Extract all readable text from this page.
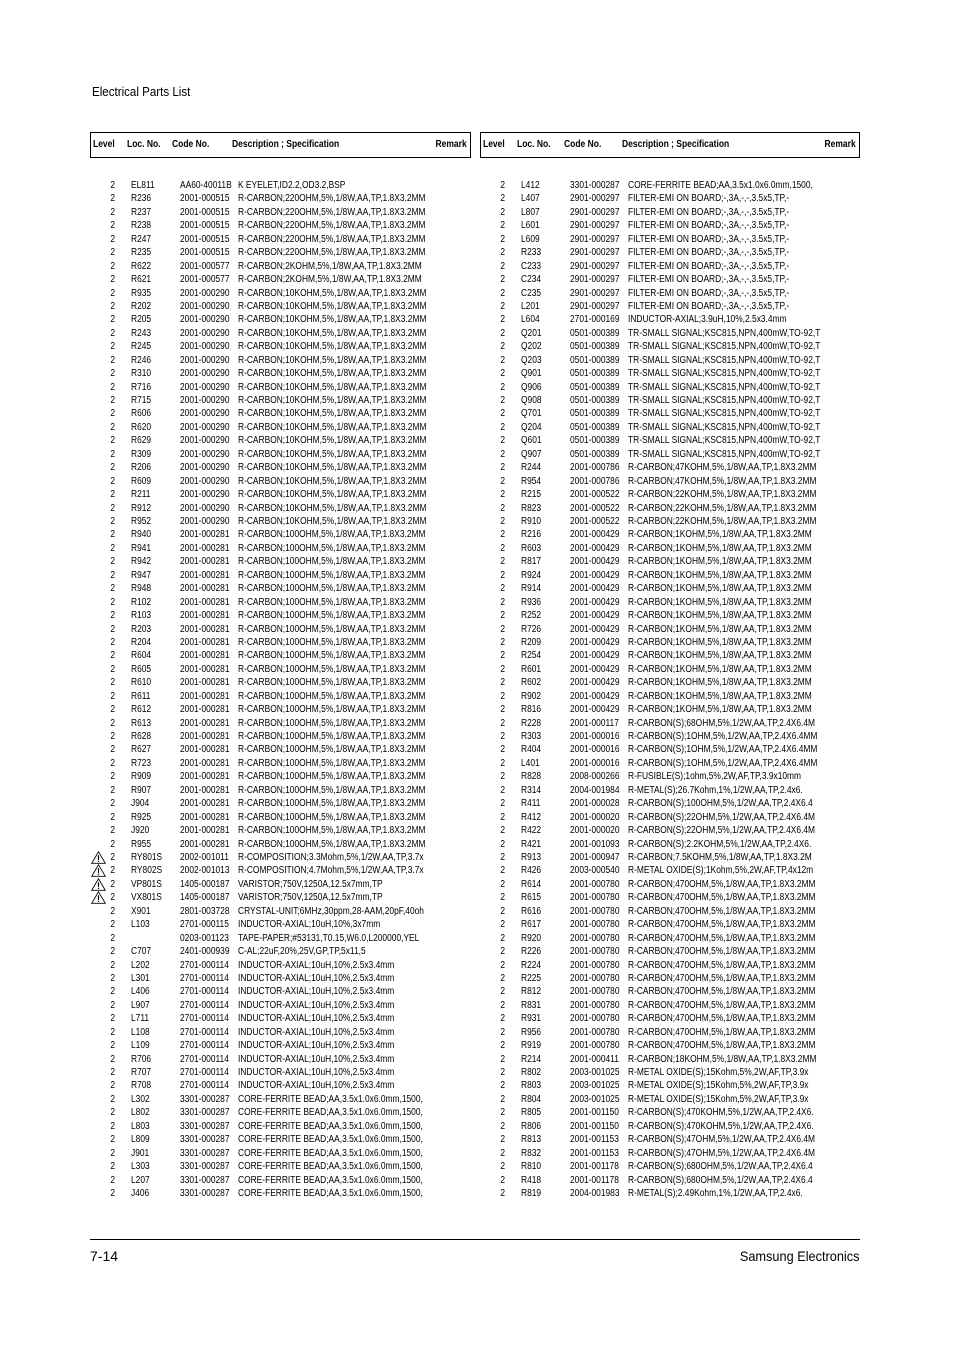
Electrical Parts List
Level Loc. No. Code No. Description ; Specification	Remark
2 EL811	AA60-40011B K EYELET,ID2.2,OD3.2,BSP
2 R236	2001-000515 R-CARBON;220OHM,5%,1/8W,AA,TP,1.8X3.2MM
2 R237	2001-000515 R-CARBON;220OHM,5%,1/8W,AA,TP,1.8X3.2MM
2 R238	2001-000515 R-CARBON;220OHM,5%,1/8W,AA,TP,1.8X3.2MM
2 R247	2001-000515 R-CARBON;220OHM,5%,1/8W,AA,TP,1.8X3.2MM
2 R235	2001-000515 R-CARBON;220OHM,5%,1/8W,AA,TP,1.8X3.2MM
2 R622	2001-000577 R-CARBON;2KOHM,5%,1/8W,AA,TP,1.8X3.2MM
2 R621	2001-000577 R-CARBON;2KOHM,5%,1/8W,AA,TP,1.8X3.2MM
2 R935	2001-000290 R-CARBON;10KOHM,5%,1/8W,AA,TP,1.8X3.2MM
2 R202	2001-000290 R-CARBON;10KOHM,5%,1/8W,AA,TP,1.8X3.2MM
2 R205	2001-000290 R-CARBON;10KOHM,5%,1/8W,AA,TP,1.8X3.2MM
2 R243	2001-000290 R-CARBON;10KOHM,5%,1/8W,AA,TP,1.8X3.2MM
2 R245	2001-000290 R-CARBON;10KOHM,5%,1/8W,AA,TP,1.8X3.2MM
2 R246	2001-000290 R-CARBON;10KOHM,5%,1/8W,AA,TP,1.8X3.2MM
2 R310	2001-000290 R-CARBON;10KOHM,5%,1/8W,AA,TP,1.8X3.2MM
2 R716	2001-000290 R-CARBON;10KOHM,5%,1/8W,AA,TP,1.8X3.2MM
2 R715	2001-000290 R-CARBON;10KOHM,5%,1/8W,AA,TP,1.8X3.2MM
2 R606	2001-000290 R-CARBON;10KOHM,5%,1/8W,AA,TP,1.8X3.2MM
2 R620	2001-000290 R-CARBON;10KOHM,5%,1/8W,AA,TP,1.8X3.2MM
2 R629	2001-000290 R-CARBON;10KOHM,5%,1/8W,AA,TP,1.8X3.2MM
2 R309	2001-000290 R-CARBON;10KOHM,5%,1/8W,AA,TP,1.8X3.2MM
2 R206	2001-000290 R-CARBON;10KOHM,5%,1/8W,AA,TP,1.8X3.2MM
2 R609	2001-000290 R-CARBON;10KOHM,5%,1/8W,AA,TP,1.8X3.2MM
2 R211	2001-000290 R-CARBON;10KOHM,5%,1/8W,AA,TP,1.8X3.2MM
2 R912	2001-000290 R-CARBON;10KOHM,5%,1/8W,AA,TP,1.8X3.2MM
2 R952	2001-000290 R-CARBON;10KOHM,5%,1/8W,AA,TP,1.8X3.2MM
2 R940	2001-000281 R-CARBON;100OHM,5%,1/8W,AA,TP,1.8X3.2MM
2 R941	2001-000281 R-CARBON;100OHM,5%,1/8W,AA,TP,1.8X3.2MM
2 R942	2001-000281 R-CARBON;100OHM,5%,1/8W,AA,TP,1.8X3.2MM
2 R947	2001-000281 R-CARBON;100OHM,5%,1/8W,AA,TP,1.8X3.2MM
2 R948	2001-000281 R-CARBON;100OHM,5%,1/8W,AA,TP,1.8X3.2MM
2 R102	2001-000281 R-CARBON;100OHM,5%,1/8W,AA,TP,1.8X3.2MM
2 R103	2001-000281 R-CARBON;100OHM,5%,1/8W,AA,TP,1.8X3.2MM
2 R203	2001-000281 R-CARBON;100OHM,5%,1/8W,AA,TP,1.8X3.2MM
2 R204	2001-000281 R-CARBON;100OHM,5%,1/8W,AA,TP,1.8X3.2MM
2 R604	2001-000281 R-CARBON;100OHM,5%,1/8W,AA,TP,1.8X3.2MM
2 R605	2001-000281 R-CARBON;100OHM,5%,1/8W,AA,TP,1.8X3.2MM
2 R610	2001-000281 R-CARBON;100OHM,5%,1/8W,AA,TP,1.8X3.2MM
2 R611	2001-000281 R-CARBON;100OHM,5%,1/8W,AA,TP,1.8X3.2MM
2 R612	2001-000281 R-CARBON;100OHM,5%,1/8W,AA,TP,1.8X3.2MM
2 R613	2001-000281 R-CARBON;100OHM,5%,1/8W,AA,TP,1.8X3.2MM
2 R628	2001-000281 R-CARBON;100OHM,5%,1/8W,AA,TP,1.8X3.2MM
2 R627	2001-000281 R-CARBON;100OHM,5%,1/8W,AA,TP,1.8X3.2MM
2 R723	2001-000281 R-CARBON;100OHM,5%,1/8W,AA,TP,1.8X3.2MM
2 R909	2001-000281 R-CARBON;100OHM,5%,1/8W,AA,TP,1.8X3.2MM
2 R907	2001-000281 R-CARBON;100OHM,5%,1/8W,AA,TP,1.8X3.2MM
2 J904	2001-000281 R-CARBON;100OHM,5%,1/8W,AA,TP,1.8X3.2MM
2 R925	2001-000281 R-CARBON;100OHM,5%,1/8W,AA,TP,1.8X3.2MM
2 J920	2001-000281 R-CARBON;100OHM,5%,1/8W,AA,TP,1.8X3.2MM
2 R955	2001-000281 R-CARBON;100OHM,5%,1/8W,AA,TP,1.8X3.2MM
2 RY801S 2002-001011 R-COMPOSITION;3.3Mohm,5%,1/2W,AA,TP,3.7x
2 RY802S 2002-001013 R-COMPOSITION;4.7Mohm,5%,1/2W,AA,TP,3.7x
2 VP801S 1405-000187 VARISTOR;750V,1250A,12.5x7mm,TP
2 VX801S 1405-000187 VARISTOR;750V,1250A,12.5x7mm,TP
2 X901	2801-003728 CRYSTAL-UNIT;6MHz,30ppm,28-AAM,20pF,40oh
2 L103	2701-000115 INDUCTOR-AXIAL;10uH,10%,3x7mm
2	0203-001123 TAPE-PAPER;#53131,T0.15,W6.0,L200000,YEL
2 C707	2401-000939 C-AL;22uF,20%,25V,GP,TP,5x11,5
2 L202	2701-000114 INDUCTOR-AXIAL;10uH,10%,2.5x3.4mm
2 L301	2701-000114 INDUCTOR-AXIAL;10uH,10%,2.5x3.4mm
2 L406	2701-000114 INDUCTOR-AXIAL;10uH,10%,2.5x3.4mm
2 L907	2701-000114 INDUCTOR-AXIAL;10uH,10%,2.5x3.4mm
2 L711	2701-000114 INDUCTOR-AXIAL;10uH,10%,2.5x3.4mm
2 L108	2701-000114 INDUCTOR-AXIAL;10uH,10%,2.5x3.4mm
2 L109	2701-000114 INDUCTOR-AXIAL;10uH,10%,2.5x3.4mm
2 R706	2701-000114 INDUCTOR-AXIAL;10uH,10%,2.5x3.4mm
2 R707	2701-000114 INDUCTOR-AXIAL;10uH,10%,2.5x3.4mm
2 R708	2701-000114 INDUCTOR-AXIAL;10uH,10%,2.5x3.4mm
2 L302	3301-000287 CORE-FERRITE BEAD;AA,3.5x1.0x6.0mm,1500,
2 L802	3301-000287 CORE-FERRITE BEAD;AA,3.5x1.0x6.0mm,1500,
2 L803	3301-000287 CORE-FERRITE BEAD;AA,3.5x1.0x6.0mm,1500,
2 L809	3301-000287 CORE-FERRITE BEAD;AA,3.5x1.0x6.0mm,1500,
2 J901	3301-000287 CORE-FERRITE BEAD;AA,3.5x1.0x6.0mm,1500,
2 L303	3301-000287 CORE-FERRITE BEAD;AA,3.5x1.0x6.0mm,1500,
2 L207	3301-000287 CORE-FERRITE BEAD;AA,3.5x1.0x6.0mm,1500,
2 J406	3301-000287 CORE-FERRITE BEAD;AA,3.5x1.0x6.0mm,1500,
Level Loc. No. Code No. Description ; Specification	Remark
2 L412	3301-000287 CORE-FERRITE BEAD;AA,3.5x1.0x6.0mm,1500,
2 L407	2901-000297 FILTER-EMI ON BOARD;-,3A,-,-,3.5x5,TP,-
2 L807	2901-000297 FILTER-EMI ON BOARD;-,3A,-,-,3.5x5,TP,-
2 L601	2901-000297 FILTER-EMI ON BOARD;-,3A,-,-,3.5x5,TP,-
2 L609	2901-000297 FILTER-EMI ON BOARD;-,3A,-,-,3.5x5,TP,-
2 R233	2901-000297 FILTER-EMI ON BOARD;-,3A,-,-,3.5x5,TP,-
2 C233	2901-000297 FILTER-EMI ON BOARD;-,3A,-,-,3.5x5,TP,-
2 C234	2901-000297 FILTER-EMI ON BOARD;-,3A,-,-,3.5x5,TP,-
2 C235	2901-000297 FILTER-EMI ON BOARD;-,3A,-,-,3.5x5,TP,-
2 L201	2901-000297 FILTER-EMI ON BOARD;-,3A,-,-,3.5x5,TP,-
2 L604	2701-000169 INDUCTOR-AXIAL;3.9uH,10%,2.5x3.4mm
2 Q201	0501-000389 TR-SMALL SIGNAL;KSC815,NPN,400mW,TO-92,T
2 Q202	0501-000389 TR-SMALL SIGNAL;KSC815,NPN,400mW,TO-92,T
2 Q203	0501-000389 TR-SMALL SIGNAL;KSC815,NPN,400mW,TO-92,T
2 Q901	0501-000389 TR-SMALL SIGNAL;KSC815,NPN,400mW,TO-92,T
2 Q906	0501-000389 TR-SMALL SIGNAL;KSC815,NPN,400mW,TO-92,T
2 Q908	0501-000389 TR-SMALL SIGNAL;KSC815,NPN,400mW,TO-92,T
2 Q701	0501-000389 TR-SMALL SIGNAL;KSC815,NPN,400mW,TO-92,T
2 Q204	0501-000389 TR-SMALL SIGNAL;KSC815,NPN,400mW,TO-92,T
2 Q601	0501-000389 TR-SMALL SIGNAL;KSC815,NPN,400mW,TO-92,T
2 Q907	0501-000389 TR-SMALL SIGNAL;KSC815,NPN,400mW,TO-92,T
2 R244	2001-000786 R-CARBON;47KOHM,5%,1/8W,AA,TP,1.8X3.2MM
2 R954	2001-000786 R-CARBON;47KOHM,5%,1/8W,AA,TP,1.8X3.2MM
2 R215	2001-000522 R-CARBON;22KOHM,5%,1/8W,AA,TP,1.8X3.2MM
2 R823	2001-000522 R-CARBON;22KOHM,5%,1/8W,AA,TP,1.8X3.2MM
2 R910	2001-000522 R-CARBON;22KOHM,5%,1/8W,AA,TP,1.8X3.2MM
2 R216	2001-000429 R-CARBON;1KOHM,5%,1/8W,AA,TP,1.8X3.2MM
2 R603	2001-000429 R-CARBON;1KOHM,5%,1/8W,AA,TP,1.8X3.2MM
2 R817	2001-000429 R-CARBON;1KOHM,5%,1/8W,AA,TP,1.8X3.2MM
2 R924	2001-000429 R-CARBON;1KOHM,5%,1/8W,AA,TP,1.8X3.2MM
2 R914	2001-000429 R-CARBON;1KOHM,5%,1/8W,AA,TP,1.8X3.2MM
2 R936	2001-000429 R-CARBON;1KOHM,5%,1/8W,AA,TP,1.8X3.2MM
2 R252	2001-000429 R-CARBON;1KOHM,5%,1/8W,AA,TP,1.8X3.2MM
2 R726	2001-000429 R-CARBON;1KOHM,5%,1/8W,AA,TP,1.8X3.2MM
2 R209	2001-000429 R-CARBON;1KOHM,5%,1/8W,AA,TP,1.8X3.2MM
2 R254	2001-000429 R-CARBON;1KOHM,5%,1/8W,AA,TP,1.8X3.2MM
2 R601	2001-000429 R-CARBON;1KOHM,5%,1/8W,AA,TP,1.8X3.2MM
2 R602	2001-000429 R-CARBON;1KOHM,5%,1/8W,AA,TP,1.8X3.2MM
2 R902	2001-000429 R-CARBON;1KOHM,5%,1/8W,AA,TP,1.8X3.2MM
2 R816	2001-000429 R-CARBON;1KOHM,5%,1/8W,AA,TP,1.8X3.2MM
2 R228	2001-000117 R-CARBON(S);68OHM,5%,1/2W,AA,TP,2.4X6.4M
2 R303	2001-000016 R-CARBON(S);1OHM,5%,1/2W,AA,TP,2.4X6.4MM
2 R404	2001-000016 R-CARBON(S);1OHM,5%,1/2W,AA,TP,2.4X6.4MM
2 L401	2001-000016 R-CARBON(S);1OHM,5%,1/2W,AA,TP,2.4X6.4MM
2 R828	2008-000266 R-FUSIBLE(S);1ohm,5%,2W,AF,TP,3.9x10mm
2 R314	2004-001984 R-METAL(S);26.7Kohm,1%,1/2W,AA,TP,2.4x6.
2 R411	2001-000028 R-CARBON(S);100OHM,5%,1/2W,AA,TP,2.4X6.4
2 R412	2001-000020 R-CARBON(S);22OHM,5%,1/2W,AA,TP,2.4X6.4M
2 R422	2001-000020 R-CARBON(S);22OHM,5%,1/2W,AA,TP,2.4X6.4M
2 R421	2001-001093 R-CARBON(S);2.2KOHM,5%,1/2W,AA,TP,2.4X6.
2 R913	2001-000947 R-CARBON;7.5KOHM,5%,1/8W,AA,TP,1.8X3.2M
2 R426	2003-000540 R-METAL OXIDE(S);1Kohm,5%,2W,AF,TP,4x12m
2 R614	2001-000780 R-CARBON;470OHM,5%,1/8W,AA,TP,1.8X3.2MM
2 R615	2001-000780 R-CARBON;470OHM,5%,1/8W,AA,TP,1.8X3.2MM
2 R616	2001-000780 R-CARBON;470OHM,5%,1/8W,AA,TP,1.8X3.2MM
2 R617	2001-000780 R-CARBON;470OHM,5%,1/8W,AA,TP,1.8X3.2MM
2 R920	2001-000780 R-CARBON;470OHM,5%,1/8W,AA,TP,1.8X3.2MM
2 R226	2001-000780 R-CARBON;470OHM,5%,1/8W,AA,TP,1.8X3.2MM
2 R224	2001-000780 R-CARBON;470OHM,5%,1/8W,AA,TP,1.8X3.2MM
2 R225	2001-000780 R-CARBON;470OHM,5%,1/8W,AA,TP,1.8X3.2MM
2 R812	2001-000780 R-CARBON;470OHM,5%,1/8W,AA,TP,1.8X3.2MM
2 R831	2001-000780 R-CARBON;470OHM,5%,1/8W,AA,TP,1.8X3.2MM
2 R931	2001-000780 R-CARBON;470OHM,5%,1/8W,AA,TP,1.8X3.2MM
2 R956	2001-000780 R-CARBON;470OHM,5%,1/8W,AA,TP,1.8X3.2MM
2 R919	2001-000780 R-CARBON;470OHM,5%,1/8W,AA,TP,1.8X3.2MM
2 R214	2001-000411 R-CARBON;18KOHM,5%,1/8W,AA,TP,1.8X3.2MM
2 R802	2003-001025 R-METAL OXIDE(S);15Kohm,5%,2W,AF,TP,3.9x
2 R803	2003-001025 R-METAL OXIDE(S);15Kohm,5%,2W,AF,TP,3.9x
2 R804	2003-001025 R-METAL OXIDE(S);15Kohm,5%,2W,AF,TP,3.9x
2 R805	2001-001150 R-CARBON(S);470KOHM,5%,1/2W,AA,TP,2.4X6.
2 R806	2001-001150 R-CARBON(S);470KOHM,5%,1/2W,AA,TP,2.4X6.
2 R813	2001-001153 R-CARBON(S);47OHM,5%,1/2W,AA,TP,2.4X6.4M
2 R832	2001-001153 R-CARBON(S);47OHM,5%,1/2W,AA,TP,2.4X6.4M
2 R810	2001-001178 R-CARBON(S);680OHM,5%,1/2W,AA,TP,2.4X6.4
2 R418	2001-001178 R-CARBON(S);680OHM,5%,1/2W,AA,TP,2.4X6.4
2 R819	2004-001983 R-METAL(S);2.49Kohm,1%,1/2W,AA,TP,2.4x6.
7-14	Samsung Electronics
